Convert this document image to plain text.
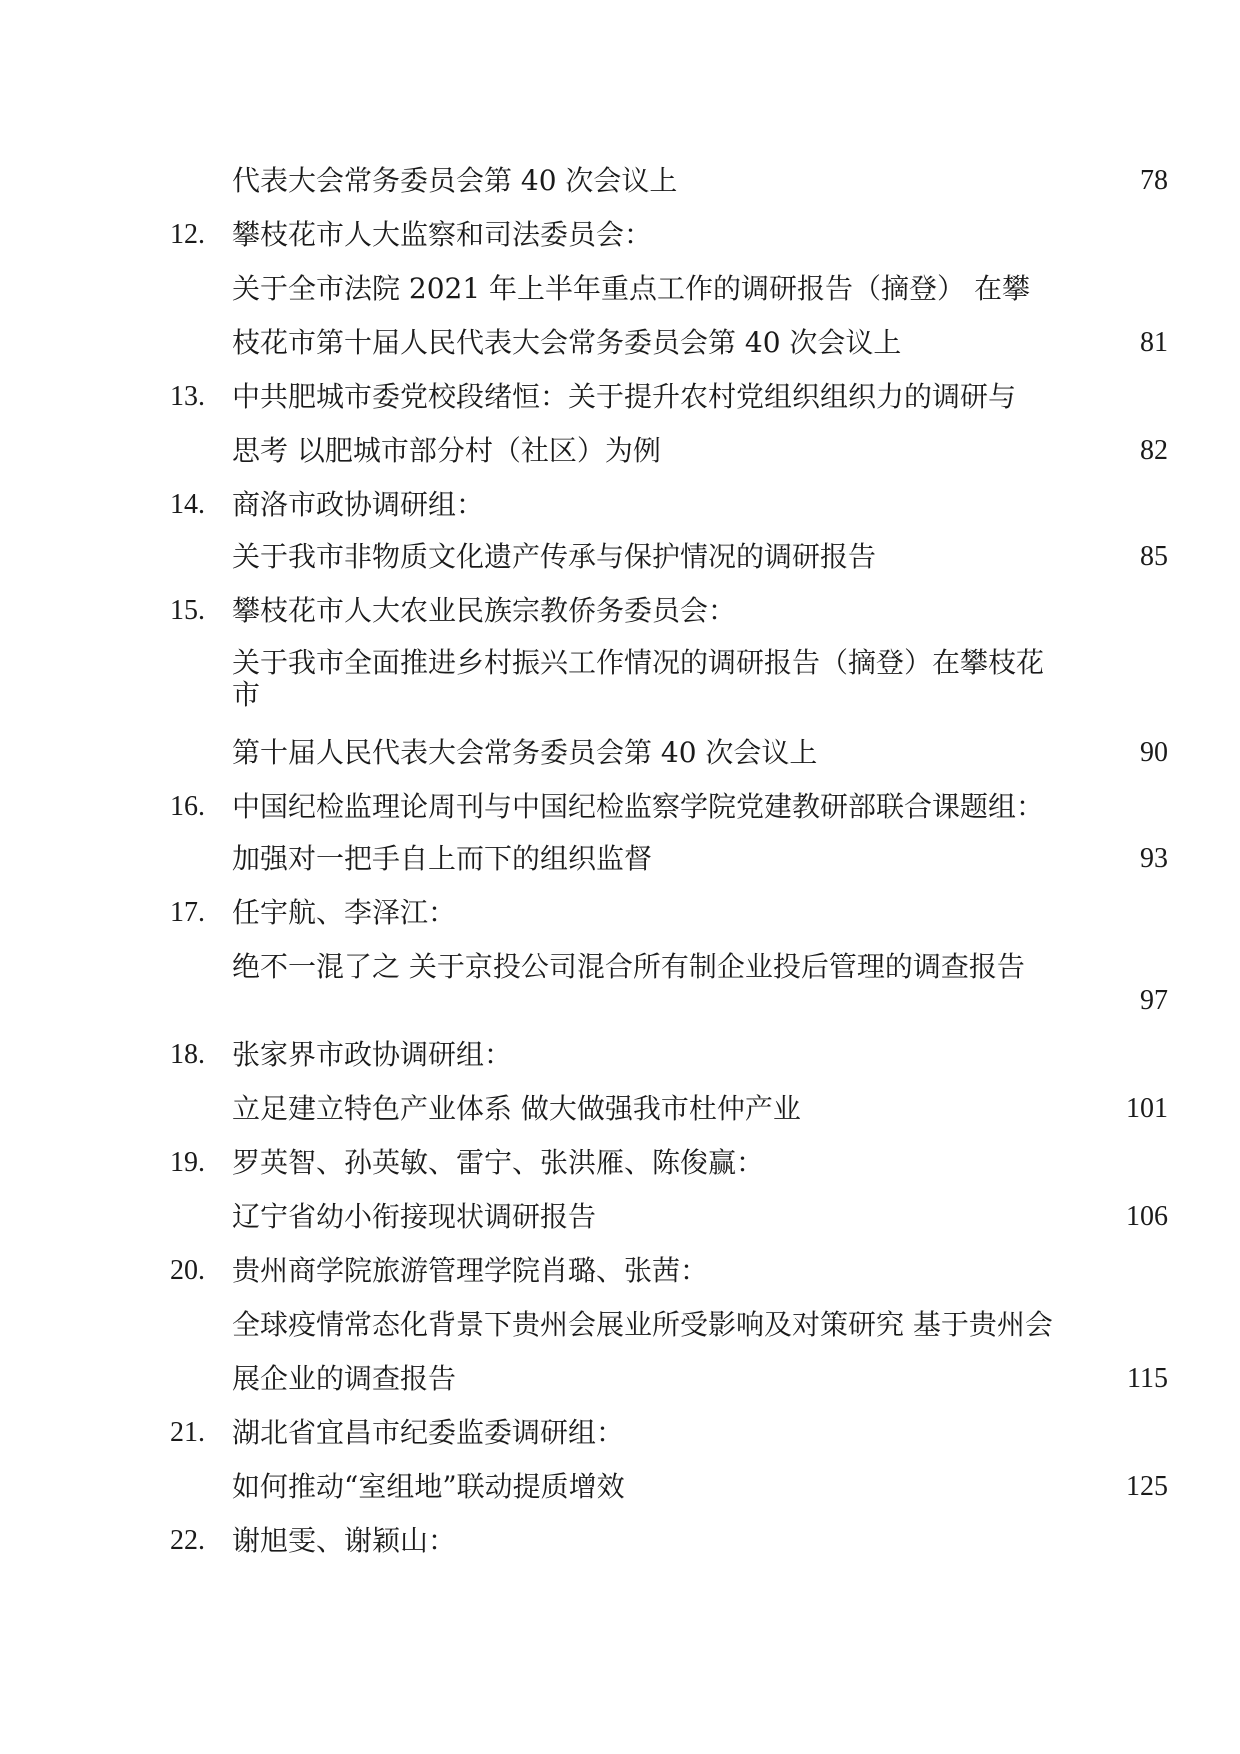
代表大会常务委员会第 40 次会议上	78
12. 攀枝花市人大监察和司法委员会：
关于全市法院 2021 年上半年重点工作的调研报告（摘登） 在攀
枝花市第十届人民代表大会常务委员会第 40 次会议上	81
13. 中共肥城市委党校段绪恒：关于提升农村党组织组织力的调研与
思考 以肥城市部分村（社区）为例	82
14. 商洛市政协调研组：
关于我市非物质文化遗产传承与保护情况的调研报告	85
15. 攀枝花市人大农业民族宗教侨务委员会：
关于我市全面推进乡村振兴工作情况的调研报告（摘登）在攀枝花
市
第十届人民代表大会常务委员会第 40 次会议上	90
16. 中国纪检监理论周刊与中国纪检监察学院党建教研部联合课题组：
加强对一把手自上而下的组织监督	93
17. 任宇航、李泽江：
绝不一混了之 关于京投公司混合所有制企业投后管理的调查报告
97
18. 张家界市政协调研组：
立足建立特色产业体系 做大做强我市杜仲产业	101
19. 罗英智、孙英敏、雷宁、张洪雁、陈俊赢：
辽宁省幼小衔接现状调研报告	106
20. 贵州商学院旅游管理学院肖璐、张茜：
全球疫情常态化背景下贵州会展业所受影响及对策研究 基于贵州会
展企业的调查报告	115
21. 湖北省宜昌市纪委监委调研组：
如何推动“室组地”联动提质增效	125
22. 谢旭雯、谢颖山：
